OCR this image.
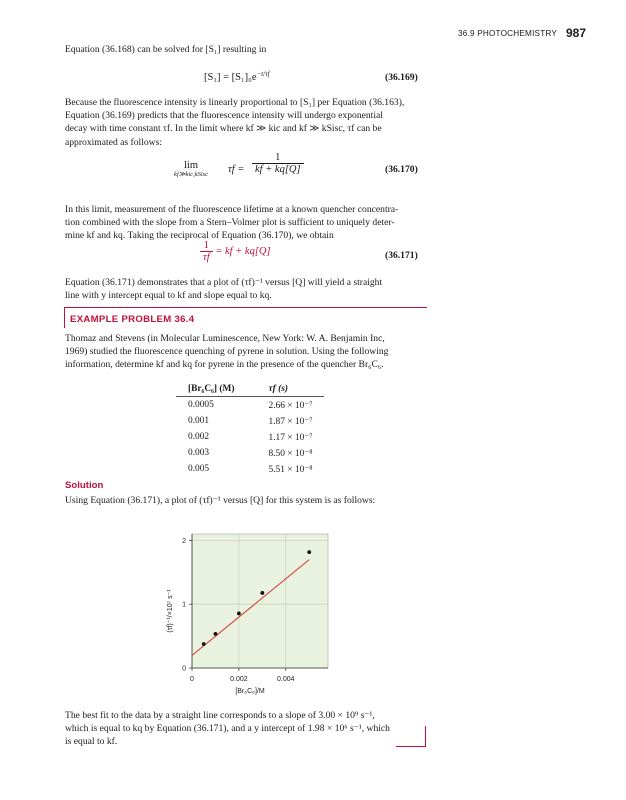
36.9 PHOTOCHEMISTRY 987
Equation (36.168) can be solved for [S₁] resulting in
$[S_1] = [S_1]_0e^{-t/\tau f}$	(36.169)
Because the fluorescence intensity is linearly proportional to [S₁] per Equation (36.163),
Equation (36.169) predicts that the fluorescence intensity will undergo exponential
decay with time constant τf. In the limit where kf ≫ kic and kf ≫ kSisc, τf can be
approximated as follows:
lim
kf≫kic,kSisc $\tau f = \frac{1}{kf + kq[Q]}$	(36.170)
In this limit, measurement of the fluorescence lifetime at a known quencher concentra-
tion combined with the slope from a Stern–Volmer plot is sufficient to uniquely deter-
mine kf and kq. Taking the reciprocal of Equation (36.170), we obtain
$\frac{1}{\tau f}$ = kf + kq[Q]	(36.171)
Equation (36.171) demonstrates that a plot of (τf)⁻¹ versus [Q] will yield a straight
line with y intercept equal to kf and slope equal to kq.
EXAMPLE PROBLEM 36.4
Thomaz and Stevens (in Molecular Luminescence, New York: W. A. Benjamin Inc,
1969) studied the fluorescence quenching of pyrene in solution. Using the following
information, determine kf and kq for pyrene in the presence of the quencher Br₆C₆.
[Br₆C₆] (M)	τf (s)
0.0005	2.66 × 10⁻⁷
0.001	1.87 × 10⁻⁷
0.002	1.17 × 10⁻⁷
0.003	8.50 × 10⁻⁸
0.005	5.51 × 10⁻⁸
Solution
Using Equation (36.171), a plot of (τf)⁻¹ versus [Q] for this system is as follows:
0	0.002	0.004
0
1
2
[Br₆C₆]/M
(τf)⁻¹/×10⁷ s⁻¹
The best fit to the data by a straight line corresponds to a slope of 3.00 × 10⁹ s⁻¹,
which is equal to kq by Equation (36.171), and a y intercept of 1.98 × 10⁶ s⁻¹, which
is equal to kf.
